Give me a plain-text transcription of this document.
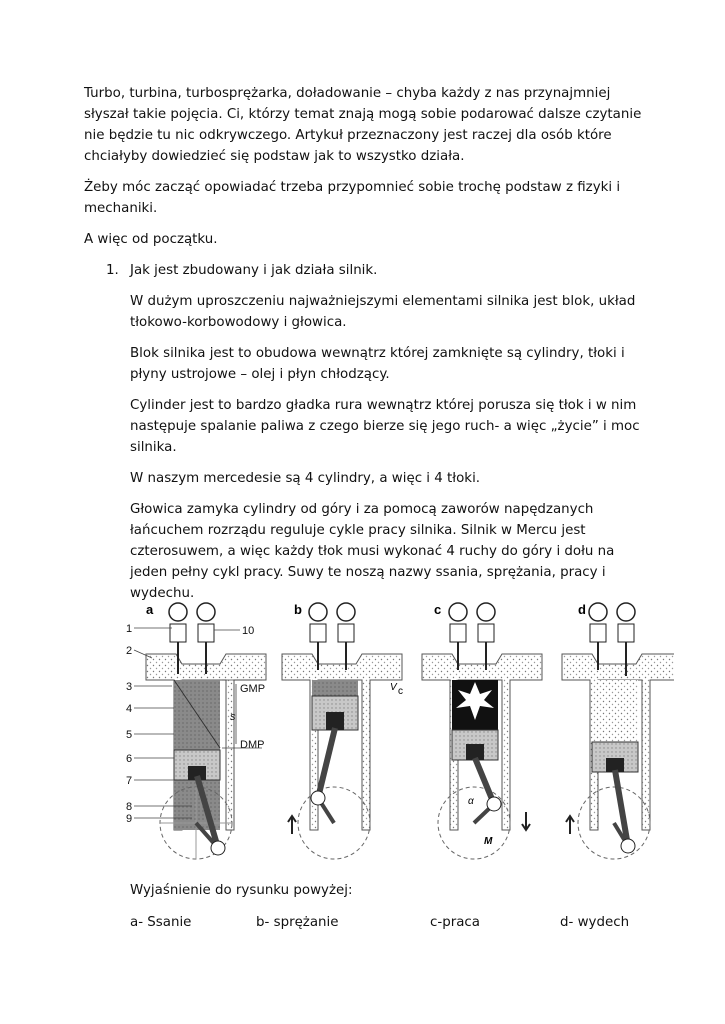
Turbo, turbina, turbosprężarka, doładowanie – chyba każdy z nas przynajmniej słyszał takie pojęcia. Ci, którzy temat znają mogą sobie podarować dalsze czytanie nie będzie tu nic odkrywczego. Artykuł przeznaczony jest raczej dla osób które chciałyby dowiedzieć się podstaw jak to wszystko działa.

Żeby móc zacząć opowiadać trzeba przypomnieć sobie trochę podstaw z fizyki i mechaniki.

A więc od początku.

1. Jak jest zbudowany i jak działa silnik.

W dużym uproszczeniu najważniejszymi elementami silnika jest blok, układ tłokowo-korbowodowy i głowica.

Blok silnika jest to obudowa wewnątrz której zamknięte są cylindry, tłoki i płyny ustrojowe – olej i płyn chłodzący.

Cylinder jest to bardzo gładka rura wewnątrz której porusza się tłok i w nim następuje spalanie paliwa z czego bierze się jego ruch- a więc „życie” i moc silnika.

W naszym mercedesie są 4 cylindry, a więc i 4 tłoki.

Głowica zamyka cylindry od góry i za pomocą zaworów napędzanych łańcuchem rozrządu reguluje cykle pracy silnika. Silnik w Mercu jest czterosuwem, a więc każdy tłok musi wykonać 4 ruchy do góry i dołu na jeden pełny cykl pracy. Suwy te noszą nazwy ssania, sprężania, pracy i wydechu.

a
1
2
3
4
5
6
7
8
9
10
GMP
DMP
s
b
V c
c
α
M
d
Wyjaśnienie do rysunku powyżej:
a- Ssanie	b- sprężanie	c-praca	d- wydech
